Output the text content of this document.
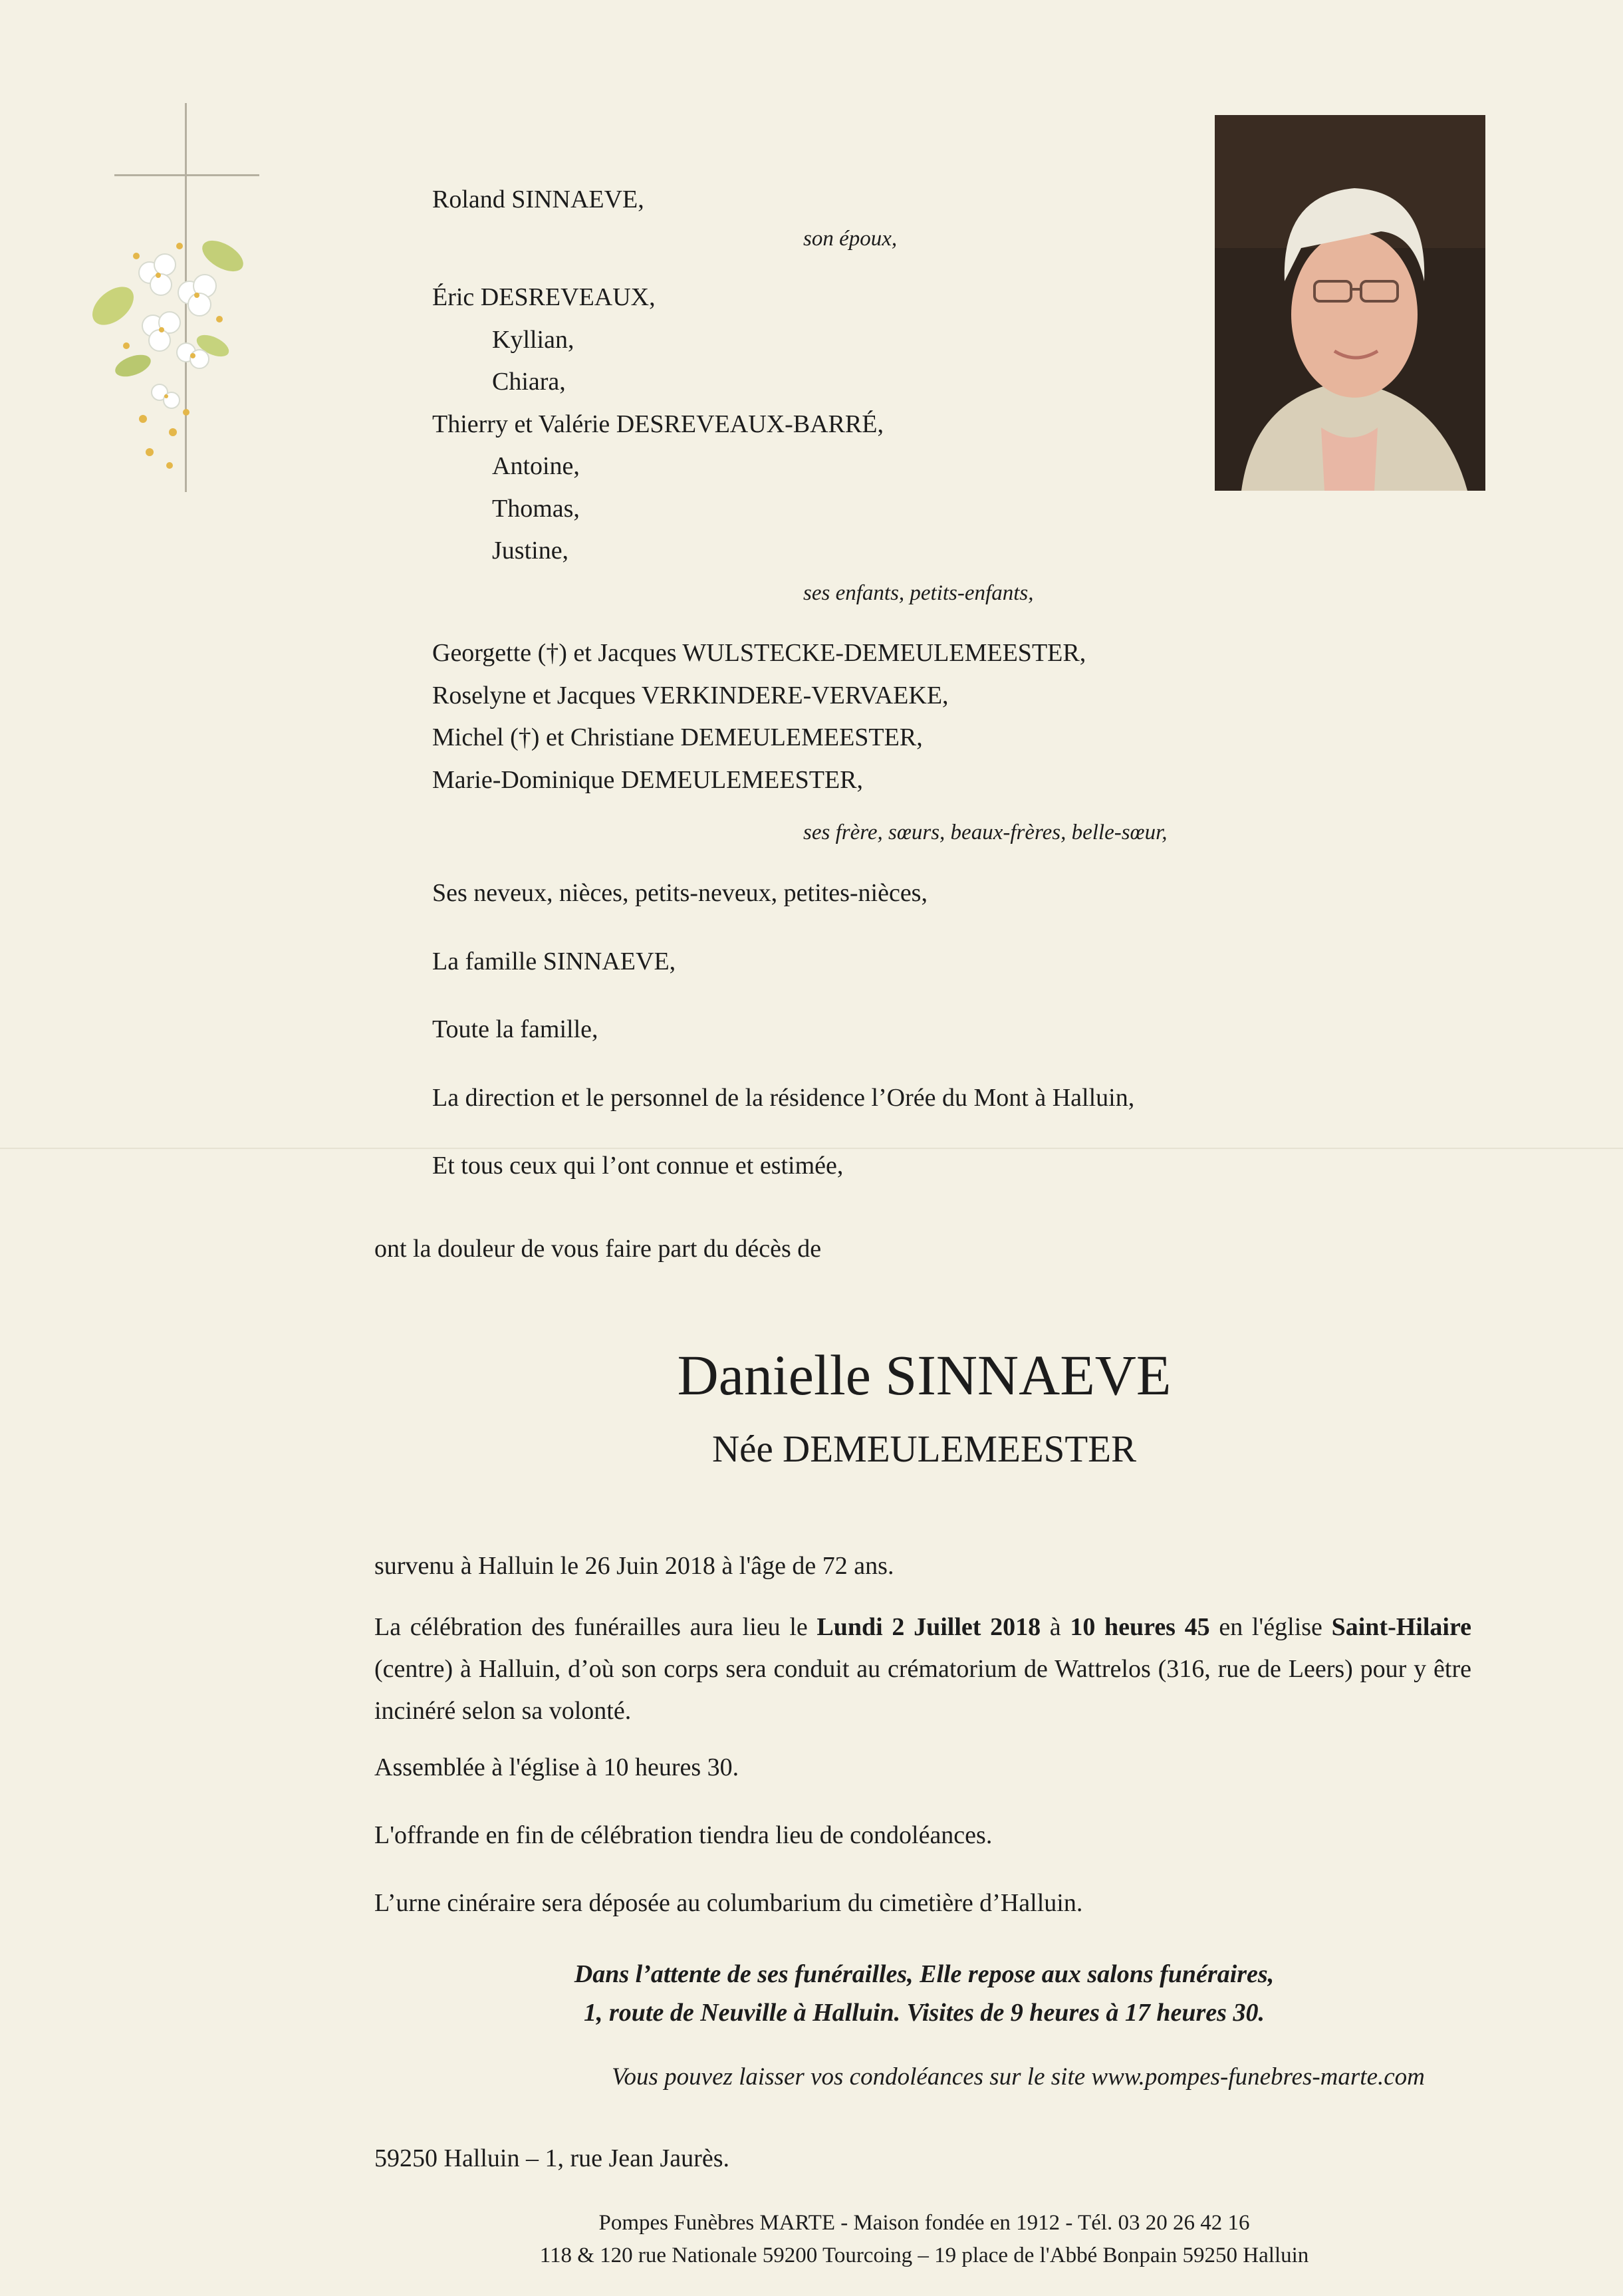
Roland SINNAEVE,
son époux,
Éric DESREVEAUX,
Kyllian,
Chiara,
Thierry et Valérie DESREVEAUX-BARRÉ,
Antoine,
Thomas,
Justine,
ses enfants, petits-enfants,
Georgette (†) et Jacques WULSTECKE-DEMEULEMEESTER,
Roselyne et Jacques VERKINDERE-VERVAEKE,
Michel (†) et Christiane DEMEULEMEESTER,
Marie-Dominique DEMEULEMEESTER,
ses frère, sœurs, beaux-frères, belle-sœur,
Ses neveux, nièces, petits-neveux, petites-nièces,
La famille SINNAEVE,
Toute la famille,
La direction et le personnel de la résidence l’Orée du Mont à Halluin,
Et tous ceux qui l’ont connue et estimée,
ont la douleur de vous faire part du décès de
Danielle SINNAEVE
Née DEMEULEMEESTER
survenu à Halluin le 26 Juin 2018 à l'âge de 72 ans.
La célébration des funérailles aura lieu le Lundi 2 Juillet 2018 à 10 heures 45 en l'église Saint-Hilaire (centre) à Halluin, d’où son corps sera conduit au crématorium de Wattrelos (316, rue de Leers) pour y être incinéré selon sa volonté.
Assemblée à l'église à 10 heures 30.
L'offrande en fin de célébration tiendra lieu de condoléances.
L’urne cinéraire sera déposée au columbarium du cimetière d’Halluin.
Dans l’attente de ses funérailles, Elle repose aux salons funéraires,
1, route de Neuville à Halluin. Visites de 9 heures à 17 heures 30.
Vous pouvez laisser vos condoléances sur le site www.pompes-funebres-marte.com
59250 Halluin – 1, rue Jean Jaurès.
Pompes Funèbres MARTE - Maison fondée en 1912 - Tél. 03 20 26 42 16
118 & 120 rue Nationale 59200 Tourcoing – 19 place de l'Abbé Bonpain 59250 Halluin
